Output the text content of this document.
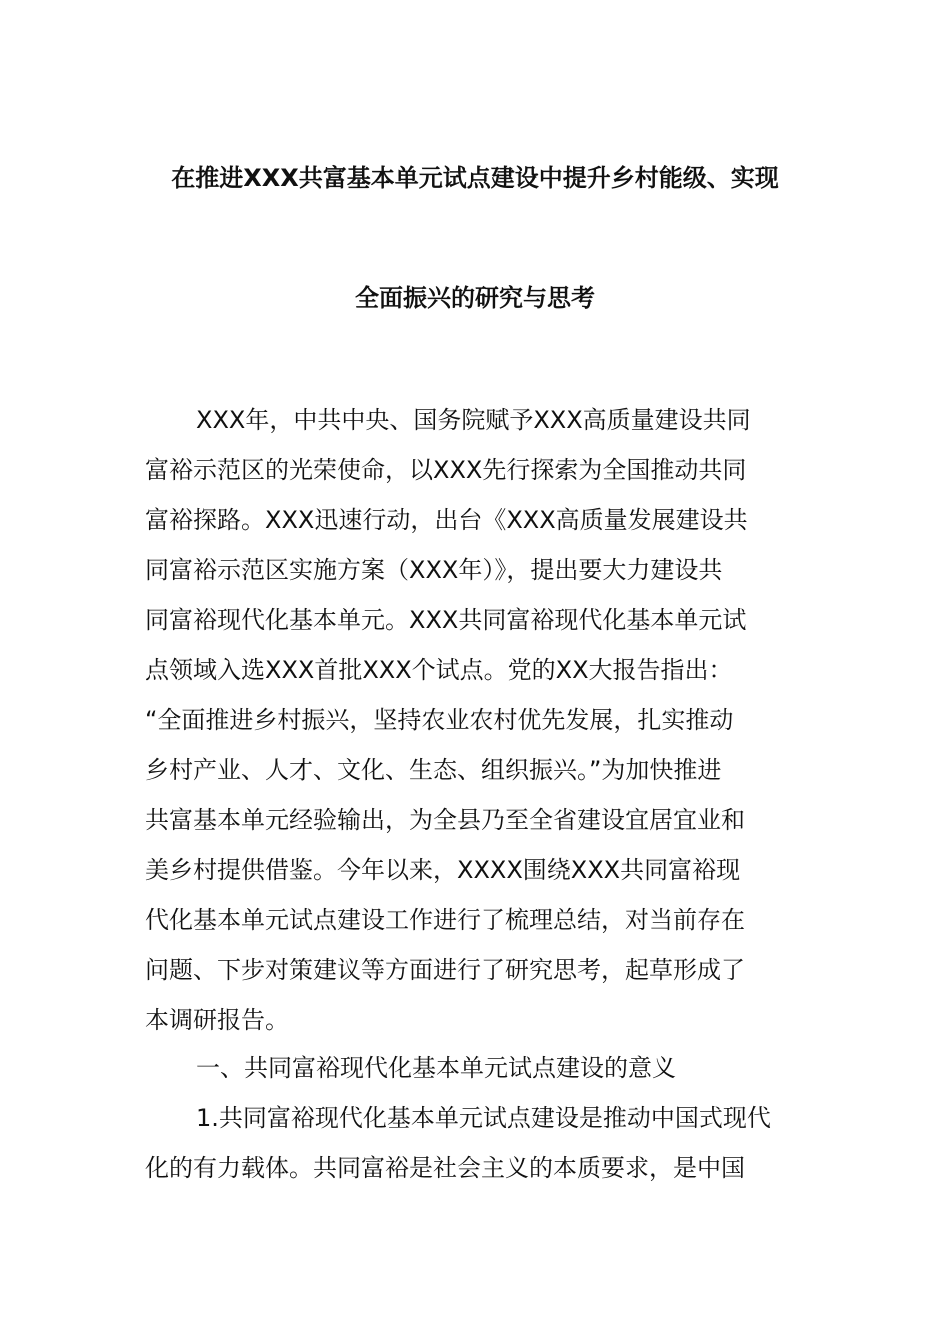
在推进XXX共富基本单元试点建设中提升乡村能级、实现
全面振兴的研究与思考
XXX年，中共中央、国务院赋予XXX高质量建设共同
富裕示范区的光荣使命，以XXX先行探索为全国推动共同
富裕探路。XXX迅速行动，出台《XXX高质量发展建设共
同富裕示范区实施方案（XXX年）》，提出要大力建设共
同富裕现代化基本单元。XXX共同富裕现代化基本单元试
点领域入选XXX首批XXX个试点。党的XX大报告指出：
“全面推进乡村振兴，坚持农业农村优先发展，扎实推动
乡村产业、人才、文化、生态、组织振兴。”为加快推进
共富基本单元经验输出，为全县乃至全省建设宜居宜业和
美乡村提供借鉴。今年以来，XXXX围绕XXX共同富裕现
代化基本单元试点建设工作进行了梳理总结，对当前存在
问题、下步对策建议等方面进行了研究思考，起草形成了
本调研报告。
一、共同富裕现代化基本单元试点建设的意义
1.共同富裕现代化基本单元试点建设是推动中国式现代
化的有力载体。共同富裕是社会主义的本质要求，是中国
